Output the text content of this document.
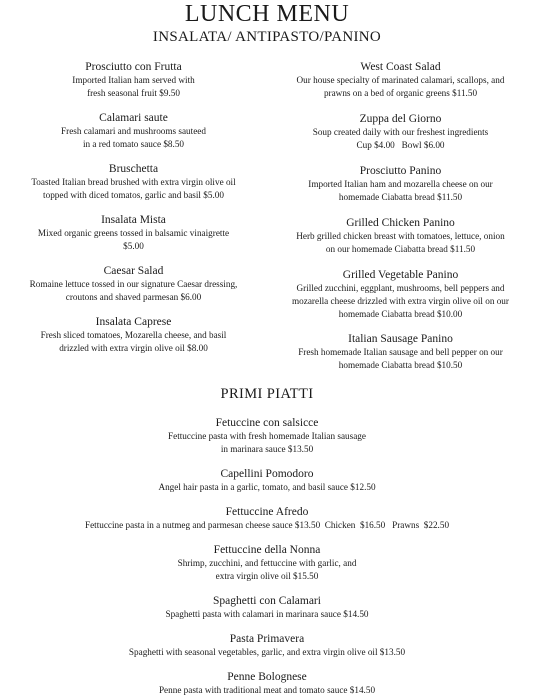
LUNCH MENU
INSALATA/ ANTIPASTO/PANINO
Prosciutto con Frutta

Imported Italian ham served with

fresh seasonal fruit $9.50

Calamari saute

Fresh calamari and mushrooms sauteed

in a red tomato sauce $8.50

Bruschetta

Toasted Italian bread brushed with extra virgin olive oil

topped with diced tomatos, garlic and basil $5.00

Insalata Mista

Mixed organic greens tossed in balsamic vinaigrette

$5.00

Caesar Salad

Romaine lettuce tossed in our signature Caesar dressing,

croutons and shaved parmesan $6.00

Insalata Caprese

Fresh sliced tomatoes, Mozarella cheese, and basil

drizzled with extra virgin olive oil $8.00

West Coast Salad

Our house specialty of marinated calamari, scallops, and

prawns on a bed of organic greens $11.50

Zuppa del Giorno

Soup created daily with our freshest ingredients

Cup $4.00   Bowl $6.00

Prosciutto Panino

Imported Italian ham and mozarella cheese on our

homemade Ciabatta bread $11.50

Grilled Chicken Panino

Herb grilled chicken breast with tomatoes, lettuce, onion

on our homemade Ciabatta bread $11.50

Grilled Vegetable Panino

Grilled zucchini, eggplant, mushrooms, bell peppers and

mozarella cheese drizzled with extra virgin olive oil on our

homemade Ciabatta bread $10.00

Italian Sausage Panino

Fresh homemade Italian sausage and bell pepper on our

homemade Ciabatta bread $10.50

PRIMI PIATTI
Fetuccine con salsicce

Fettuccine pasta with fresh homemade Italian sausage

in marinara sauce $13.50

Capellini Pomodoro

Angel hair pasta in a garlic, tomato, and basil sauce $12.50

Fettuccine Afredo

Fettuccine pasta in a nutmeg and parmesan cheese sauce $13.50  Chicken  $16.50   Prawns  $22.50

Fettuccine della Nonna

Shrimp, zucchini, and fettuccine with garlic, and

extra virgin olive oil $15.50

Spaghetti con Calamari

Spaghetti pasta with calamari in marinara sauce $14.50

Pasta Primavera

Spaghetti with seasonal vegetables, garlic, and extra virgin olive oil $13.50

Penne Bolognese

Penne pasta with traditional meat and tomato sauce $14.50
